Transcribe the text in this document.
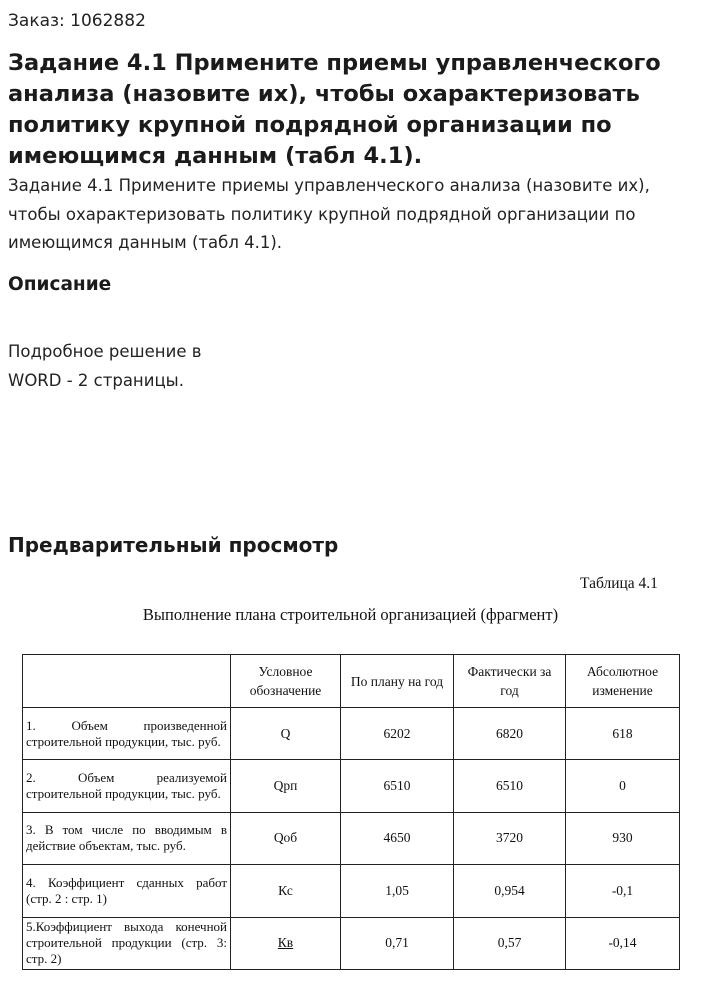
Заказ: 1062882
Задание 4.1 Примените приемы управленческого анализа (назовите их), чтобы охарактеризовать политику крупной подрядной организации по имеющимся данным (табл 4.1).

Задание 4.1 Примените приемы управленческого анализа (назовите их), чтобы охарактеризовать политику крупной подрядной организации по имеющимся данным (табл 4.1).

Описание

Подробное решение в
WORD - 2 страницы.

Предварительный просмотр
Таблица 4.1
Выполнение плана строительной организацией (фрагмент)
	Условное обозначение	По плану на год	Фактически за год	Абсолютное изменение
1. Объем произведенной строительной продукции, тыс. руб.	Q	6202	6820	618
2. Объем реализуемой строительной продукции, тыс. руб.	Qрп	6510	6510	0
3. В том числе по вводимым в действие объектам, тыс. руб.	Qоб	4650	3720	930
4. Коэффициент сданных работ (стр. 2 : стр. 1)	Кс	1,05	0,954	-0,1
5.Коэффициент выхода конечной строительной продукции (стр. 3: стр. 2)	Кв	0,71	0,57	-0,14
